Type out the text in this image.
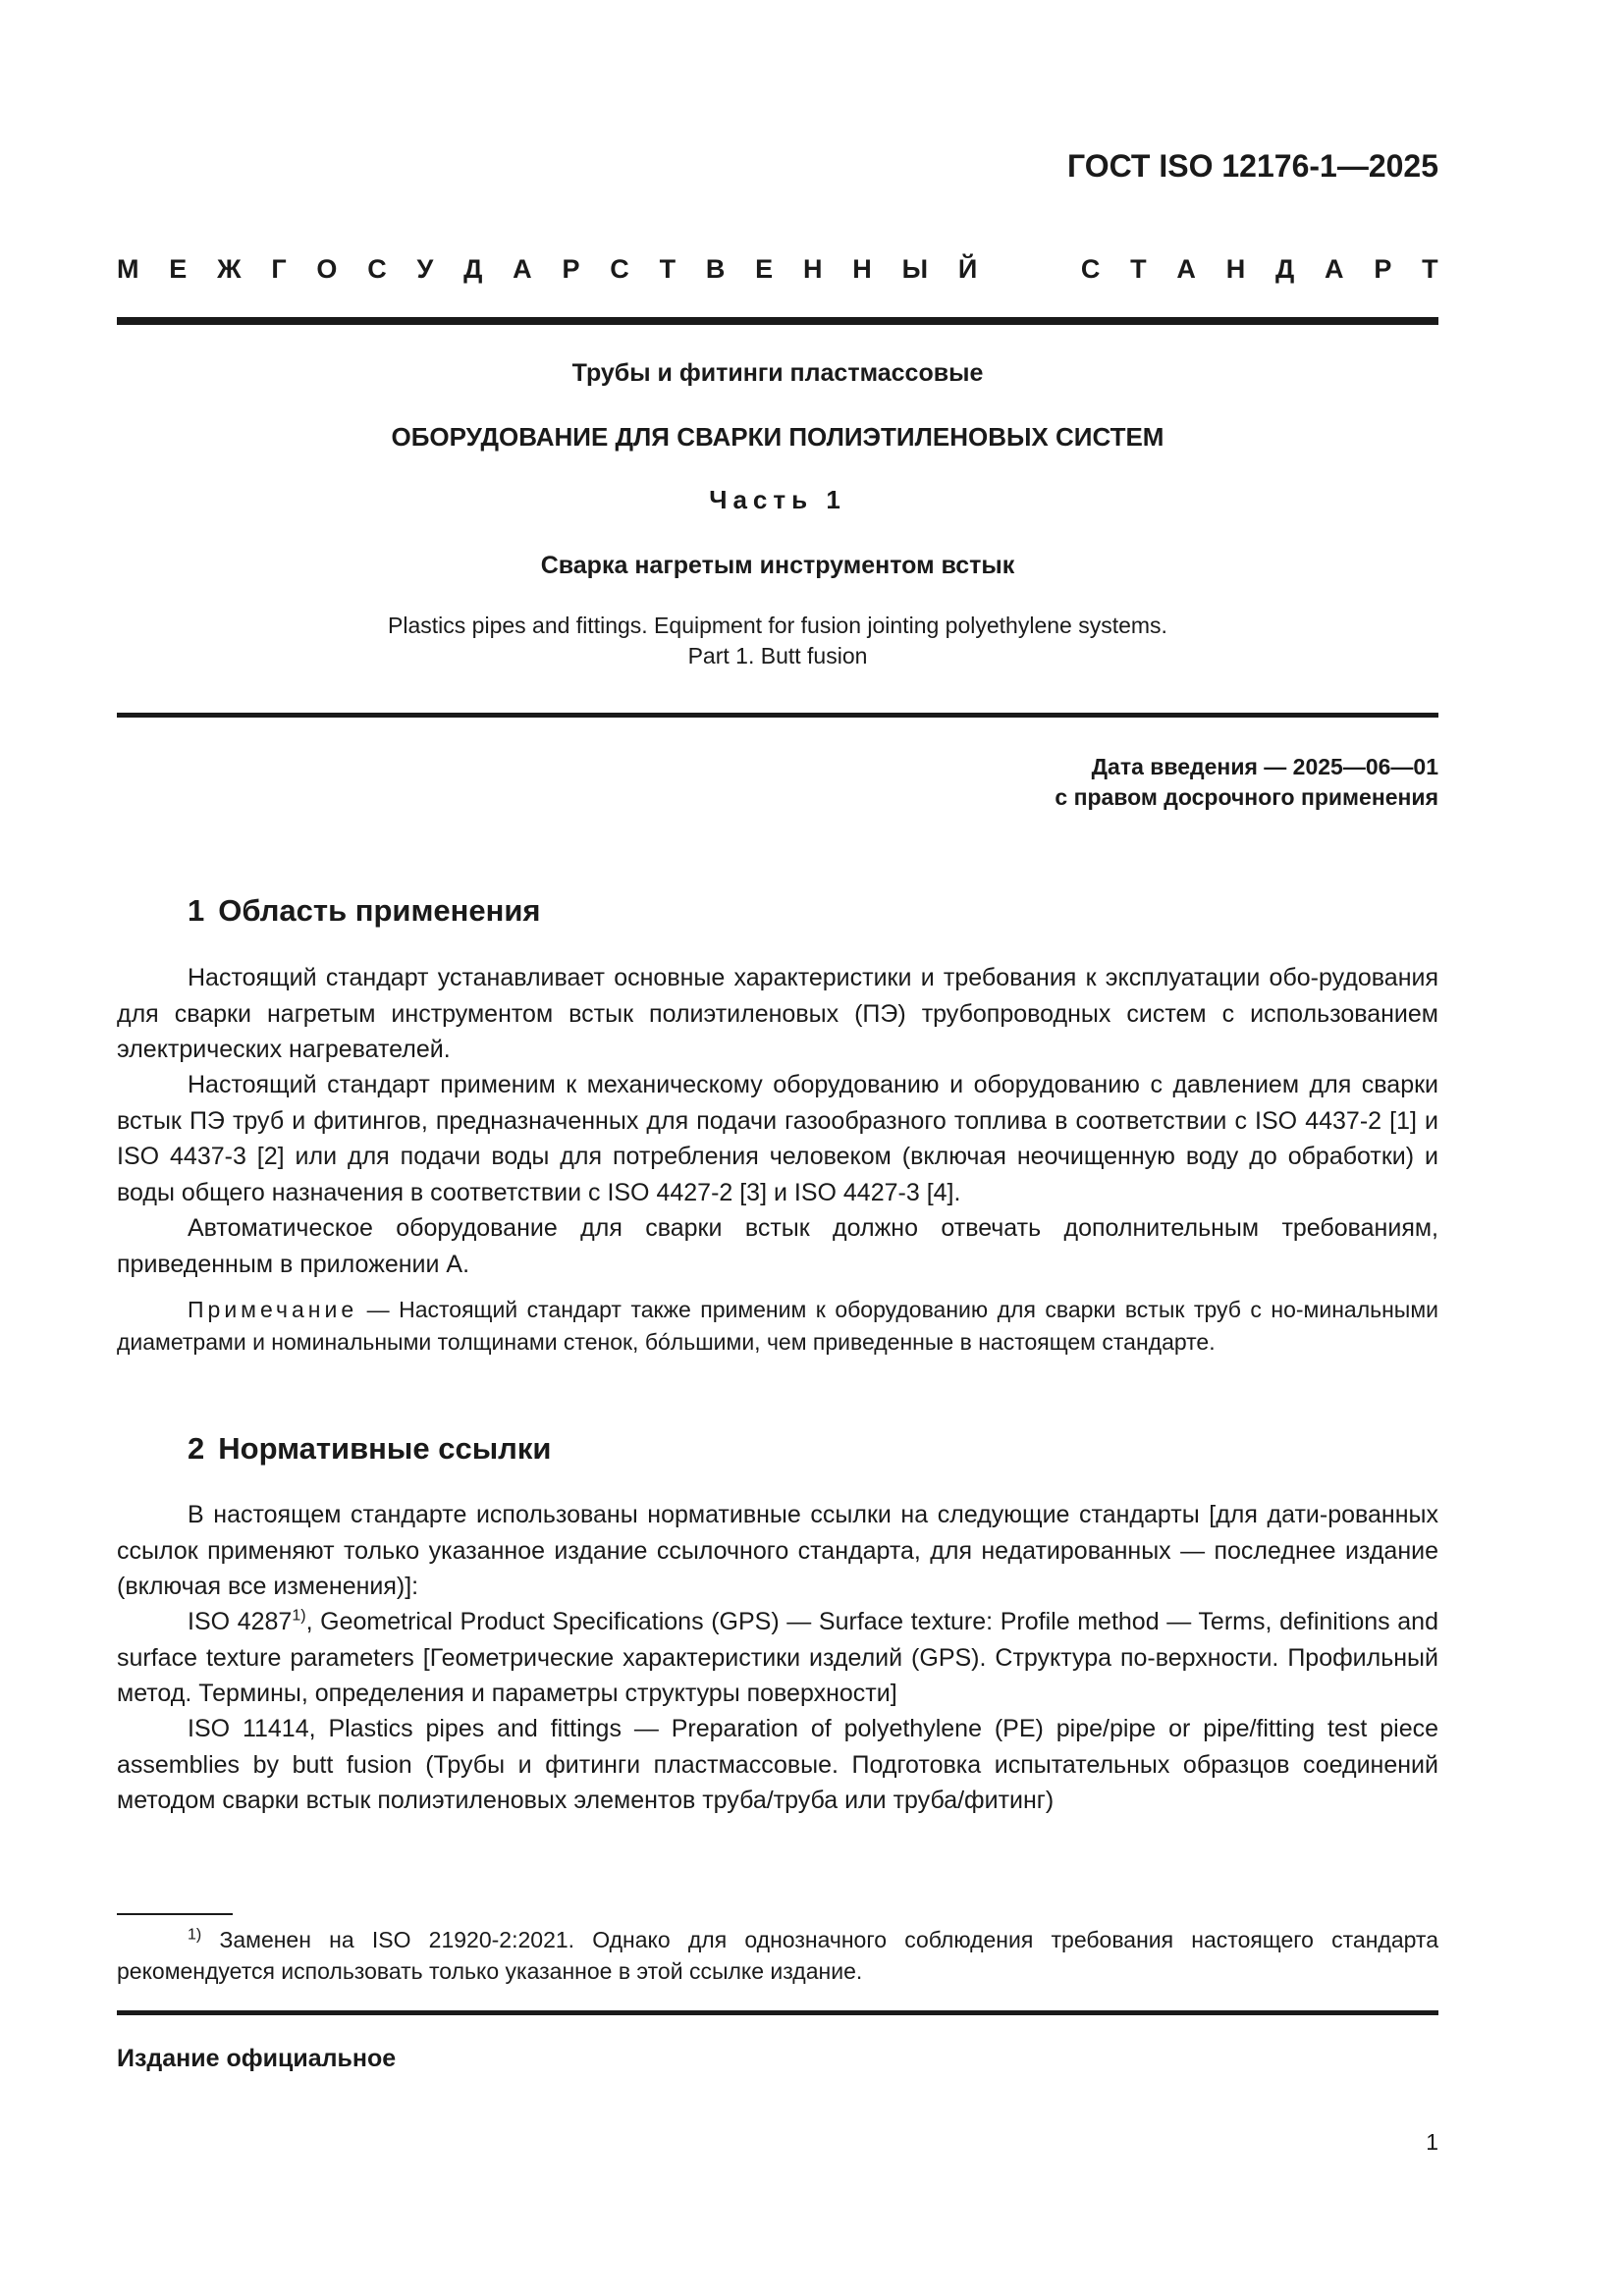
ГОСТ ISO 12176-1—2025
М Е Ж Г О С У Д А Р С Т В Е Н Н Ы Й	С Т А Н Д А Р Т
Трубы и фитинги пластмассовые
ОБОРУДОВАНИЕ ДЛЯ СВАРКИ ПОЛИЭТИЛЕНОВЫХ СИСТЕМ
Часть 1
Сварка нагретым инструментом встык
Plastics pipes and fittings. Equipment for fusion jointing polyethylene systems.
Part 1. Butt fusion
Дата введения — 2025—06—01
с правом досрочного применения
1 Область применения

Настоящий стандарт устанавливает основные характеристики и требования к эксплуатации обо-рудования для сварки нагретым инструментом встык полиэтиленовых (ПЭ) трубопроводных систем с использованием электрических нагревателей.

Настоящий стандарт применим к механическому оборудованию и оборудованию с давлением для сварки встык ПЭ труб и фитингов, предназначенных для подачи газообразного топлива в соответствии с ISO 4437-2 [1] и ISO 4437-3 [2] или для подачи воды для потребления человеком (включая неочищенную воду до обработки) и воды общего назначения в соответствии с ISO 4427-2 [3] и ISO 4427-3 [4].

Автоматическое оборудование для сварки встык должно отвечать дополнительным требованиям, приведенным в приложении А.

Примечание — Настоящий стандарт также применим к оборудованию для сварки встык труб с но-минальными диаметрами и номинальными толщинами стенок, бóльшими, чем приведенные в настоящем стандарте.

2 Нормативные ссылки

В настоящем стандарте использованы нормативные ссылки на следующие стандарты [для дати-рованных ссылок применяют только указанное издание ссылочного стандарта, для недатированных — последнее издание (включая все изменения)]:

ISO 4287$^{1)}$, Geometrical Product Specifications (GPS) — Surface texture: Profile method — Terms, definitions and surface texture parameters [Геометрические характеристики изделий (GPS). Структура по-верхности. Профильный метод. Термины, определения и параметры структуры поверхности]

ISO 11414, Plastics pipes and fittings — Preparation of polyethylene (PE) pipe/pipe or pipe/fitting test piece assemblies by butt fusion (Трубы и фитинги пластмассовые. Подготовка испытательных образцов соединений методом сварки встык полиэтиленовых элементов труба/труба или труба/фитинг)

$^{1)}$ Заменен на ISO 21920-2:2021. Однако для однозначного соблюдения требования настоящего стандарта рекомендуется использовать только указанное в этой ссылке издание.

Издание официальное
1
